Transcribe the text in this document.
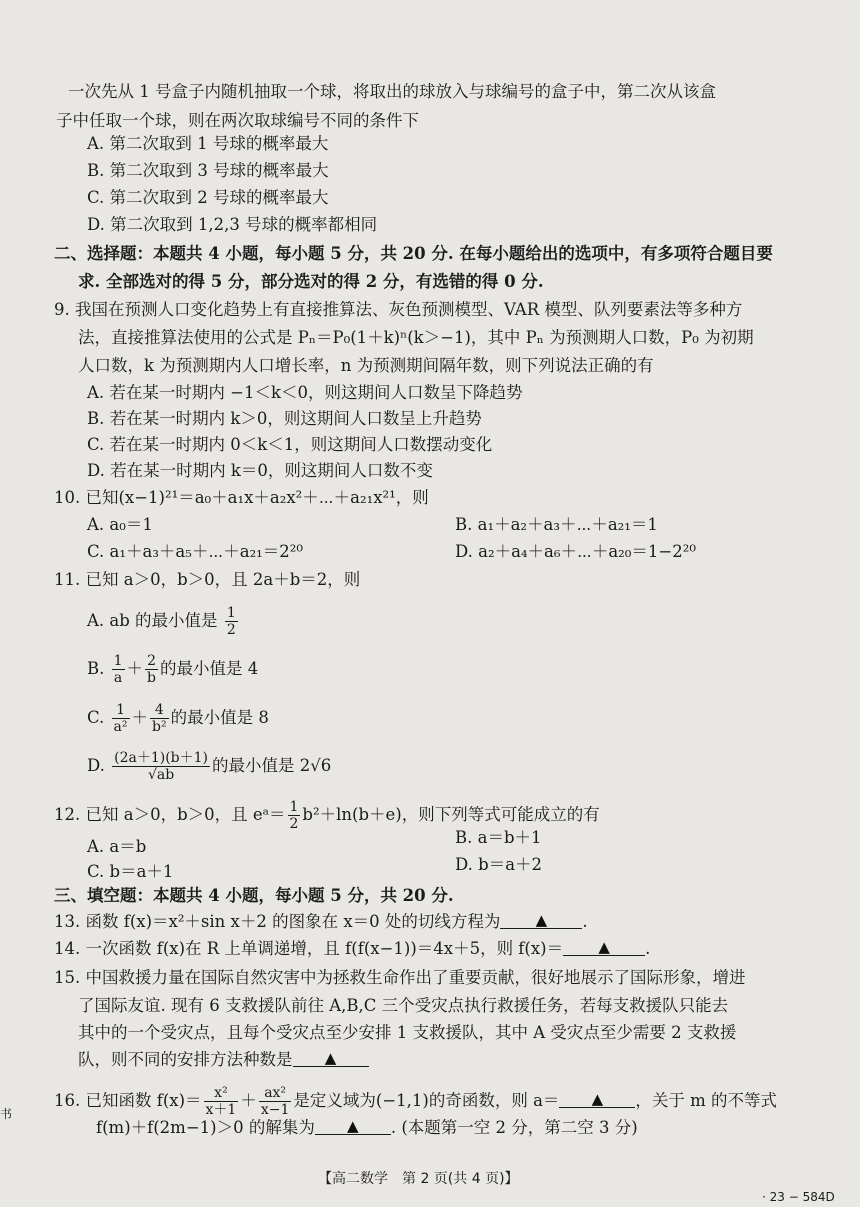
一次先从 1 号盒子内随机抽取一个球，将取出的球放入与球编号的盒子中，第二次从该盒
子中任取一个球，则在两次取球编号不同的条件下
A. 第二次取到 1 号球的概率最大
B. 第二次取到 3 号球的概率最大
C. 第二次取到 2 号球的概率最大
D. 第二次取到 1,2,3 号球的概率都相同
二、选择题：本题共 4 小题，每小题 5 分，共 20 分. 在每小题给出的选项中，有多项符合题目要
求. 全部选对的得 5 分，部分选对的得 2 分，有选错的得 0 分.
9. 我国在预测人口变化趋势上有直接推算法、灰色预测模型、VAR 模型、队列要素法等多种方
法，直接推算法使用的公式是 Pₙ＝P₀(1＋k)ⁿ(k＞−1)，其中 Pₙ 为预测期人口数，P₀ 为初期
人口数，k 为预测期内人口增长率，n 为预测期间隔年数，则下列说法正确的有
A. 若在某一时期内 −1＜k＜0，则这期间人口数呈下降趋势
B. 若在某一时期内 k＞0，则这期间人口数呈上升趋势
C. 若在某一时期内 0＜k＜1，则这期间人口数摆动变化
D. 若在某一时期内 k＝0，则这期间人口数不变
10. 已知(x−1)²¹＝a₀＋a₁x＋a₂x²＋⋯＋a₂₁x²¹，则
A. a₀＝1	B. a₁＋a₂＋a₃＋⋯＋a₂₁＝1
C. a₁＋a₃＋a₅＋⋯＋a₂₁＝2²⁰	D. a₂＋a₄＋a₆＋⋯＋a₂₀＝1−2²⁰
11. 已知 a＞0，b＞0，且 2a＋b＝2，则
A. ab 的最小值是 $\frac{1}{2}$
B. $\frac{1}{a} + \frac{2}{b}$ 的最小值是 4
C. $\frac{1}{\text{a²}} + \frac{4}{\text{b²}}$ 的最小值是 8
D. $\frac{(2a+1)(b+1)}{√ab}$ 的最小值是 2√6
12. 已知 a＞0，b＞0，且 eᵃ＝ $\frac{1}{2} b^2+\ln(b+e)$，则下列等式可能成立的有
A. a＝b	B. a＝b＋1
C. b＝a＋1	D. b＝a＋2
三、填空题：本题共 4 小题，每小题 5 分，共 20 分.
13. 函数 f(x)＝x²＋sin x＋2 的图象在 x＝0 处的切线方程为 ▲ .
14. 一次函数 f(x)在 R 上单调递增，且 f(f(x−1))＝4x＋5，则 f(x)＝ ▲ .
15. 中国救援力量在国际自然灾害中为拯救生命作出了重要贡献，很好地展示了国际形象，增进
了国际友谊. 现有 6 支救援队前往 A,B,C 三个受灾点执行救援任务，若每支救援队只能去
其中的一个受灾点，且每个受灾点至少安排 1 支救援队，其中 A 受灾点至少需要 2 支救援
队，则不同的安排方法种数是 ▲
16. 已知函数 $f(x)= \frac{\text{x²}}{x+1} + \frac{\text{ax²}}{x-1}$ 是定义域为(−1,1)的奇函数，则 a＝ ▲ ，关于 m 的不等式
f(m)＋f(2m−1)＞0 的解集为 ▲ . (本题第一空 2 分，第二空 3 分)
【高二数学　第 2 页(共 4 页)】
· 23 − 584D
书
